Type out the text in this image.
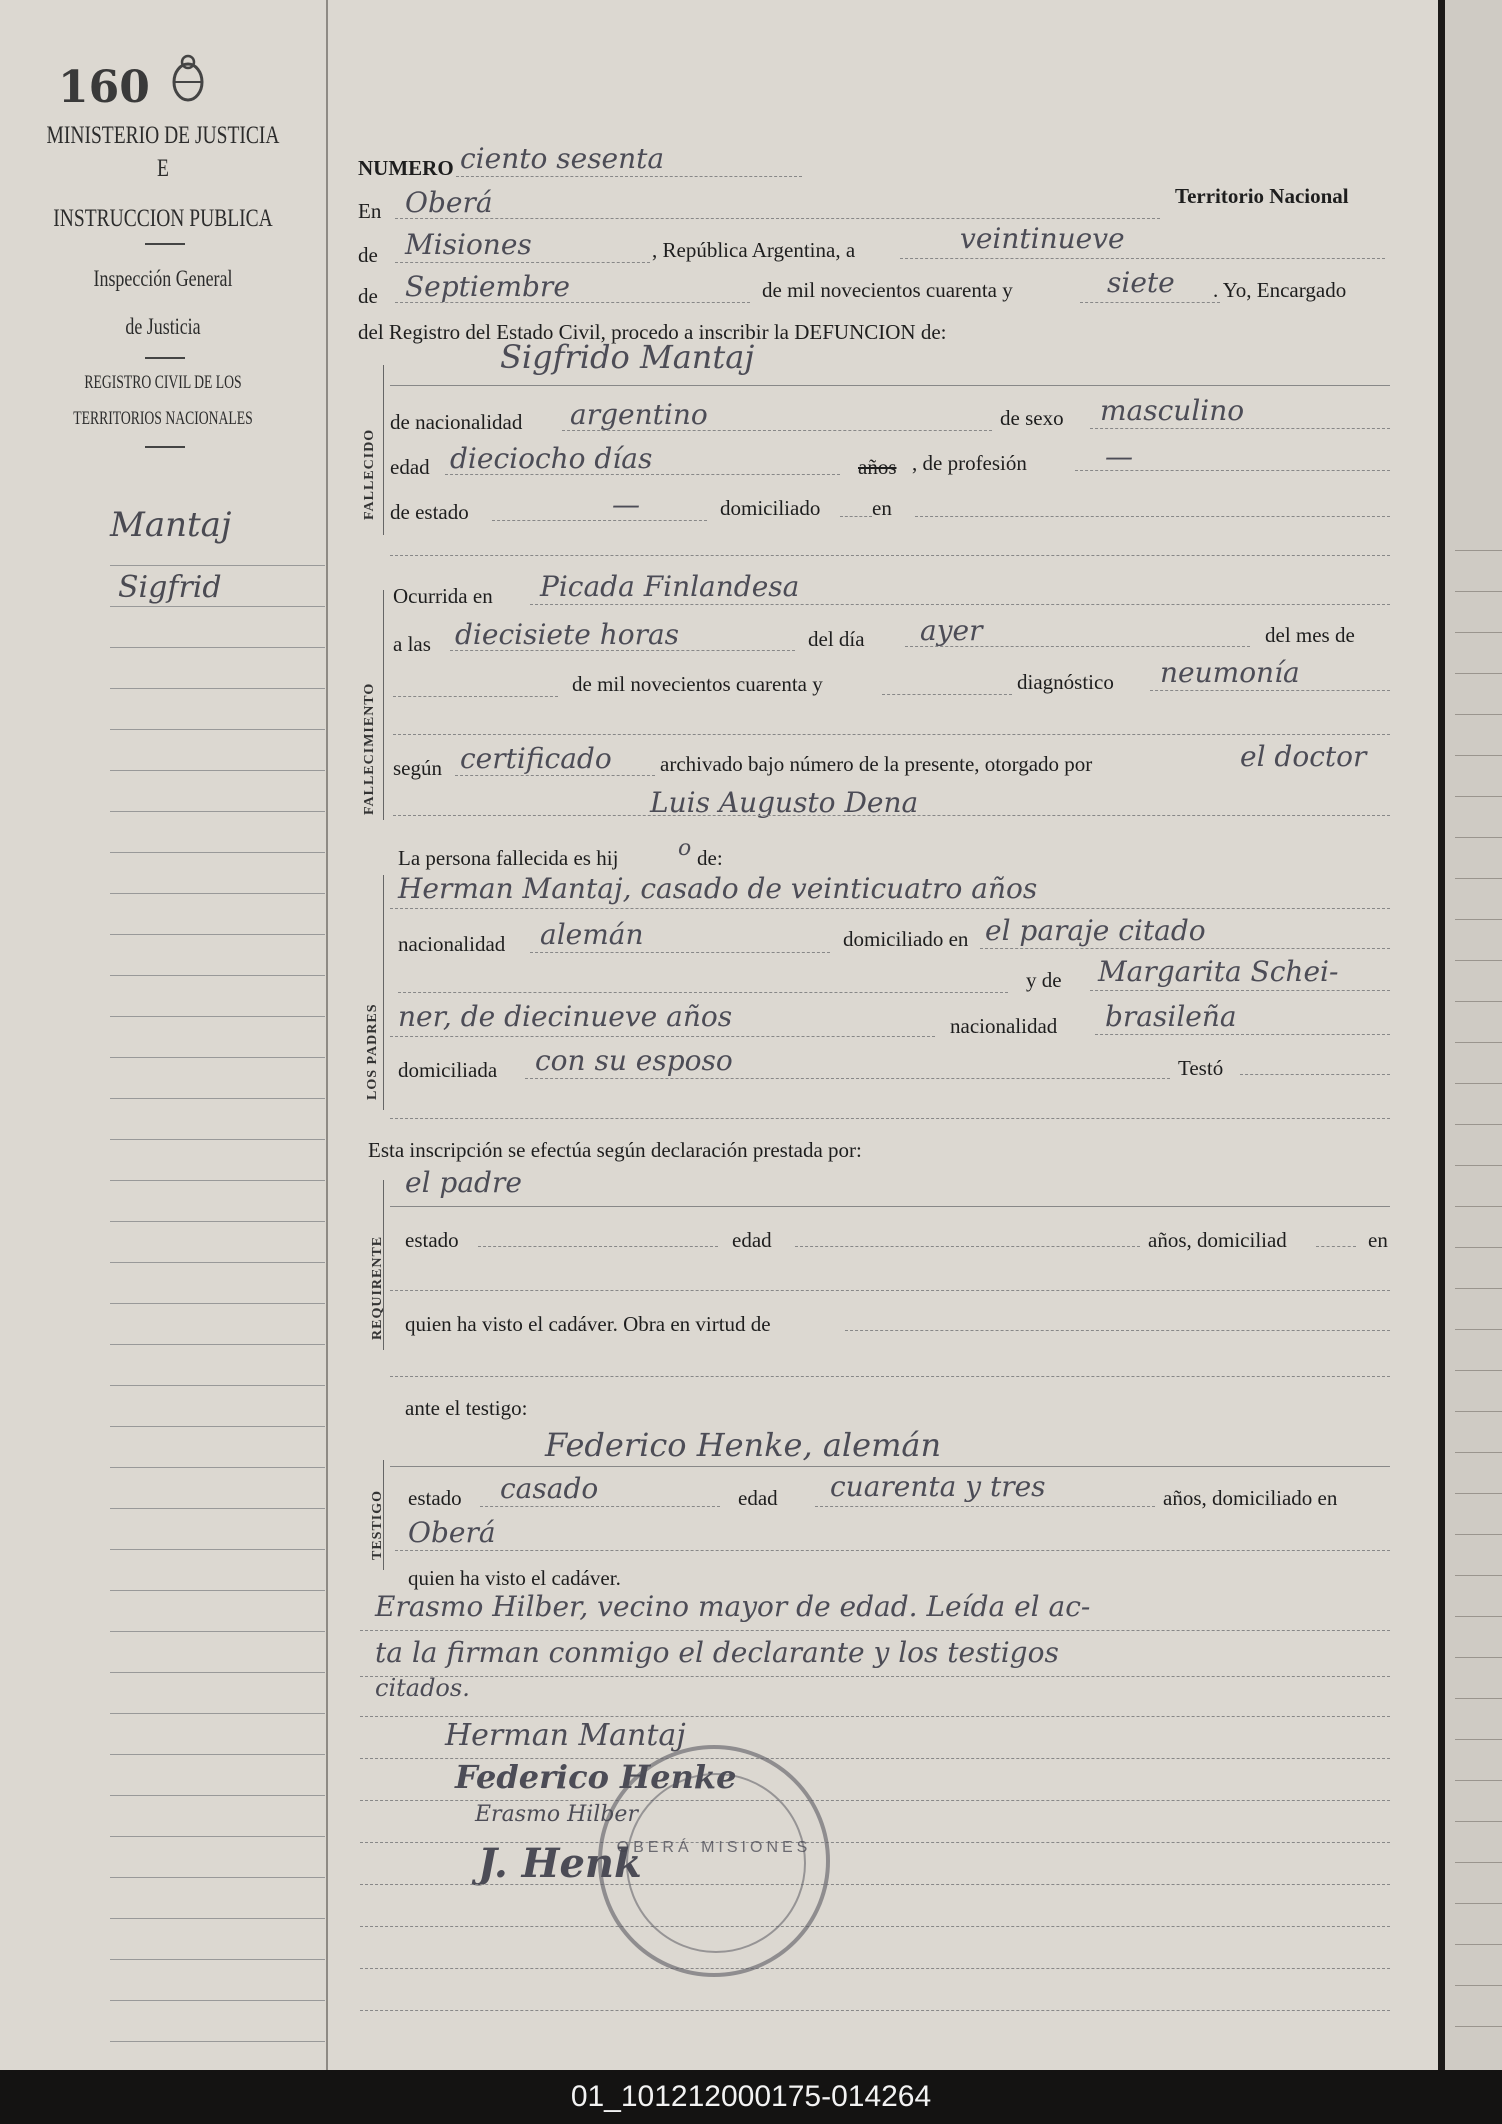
160
MINISTERIO DE JUSTICIA
E
INSTRUCCION PUBLICA
Inspección General
de Justicia
REGISTRO CIVIL DE LOS
TERRITORIOS NACIONALES
Mantaj
Sigfrid
NUMERO ciento sesenta
En Oberá	Territorio Nacional
de Misiones	, República Argentina, a	veintinueve
de Septiembre	de mil novecientos cuarenta y	siete . Yo, Encargado
del Registro del Estado Civil, procedo a inscribir la DEFUNCION de:
FALLECIDO
Sigfrido Mantaj
de nacionalidad argentino	de sexo masculino
edad dieciocho días	años , de profesión	—
de estado	—	domiciliado en
FALLECIMIENTO
Ocurrida en Picada Finlandesa
a las diecisiete horas	del día ayer	del mes de
de mil novecientos cuarenta y	diagnóstico neumonía
según certificado archivado bajo número de la presente, otorgado por	el doctor
Luis Augusto Dena
La persona fallecida es hij	o de:
LOS PADRES
Herman Mantaj, casado de veinticuatro años
nacionalidad alemán	domiciliado en el paraje citado
y de Margarita Schei-
ner, de diecinueve años	nacionalidad brasileña
domiciliada con su esposo	Testó
Esta inscripción se efectúa según declaración prestada por:
REQUIRENTE
el padre
estado	edad	años, domiciliad	en
quien ha visto el cadáver. Obra en virtud de
ante el testigo:
TESTIGO
Federico Henke, alemán
estado casado	edad cuarenta y tres	años, domiciliado en
Oberá
quien ha visto el cadáver.
Erasmo Hilber, vecino mayor de edad. Leída el ac-
ta la firman conmigo el declarante y los testigos
citados.
Herman Mantaj
Federico Henke
Erasmo Hilber
J. Henk
OBERÁ MISIONES
01_101212000175-014264
